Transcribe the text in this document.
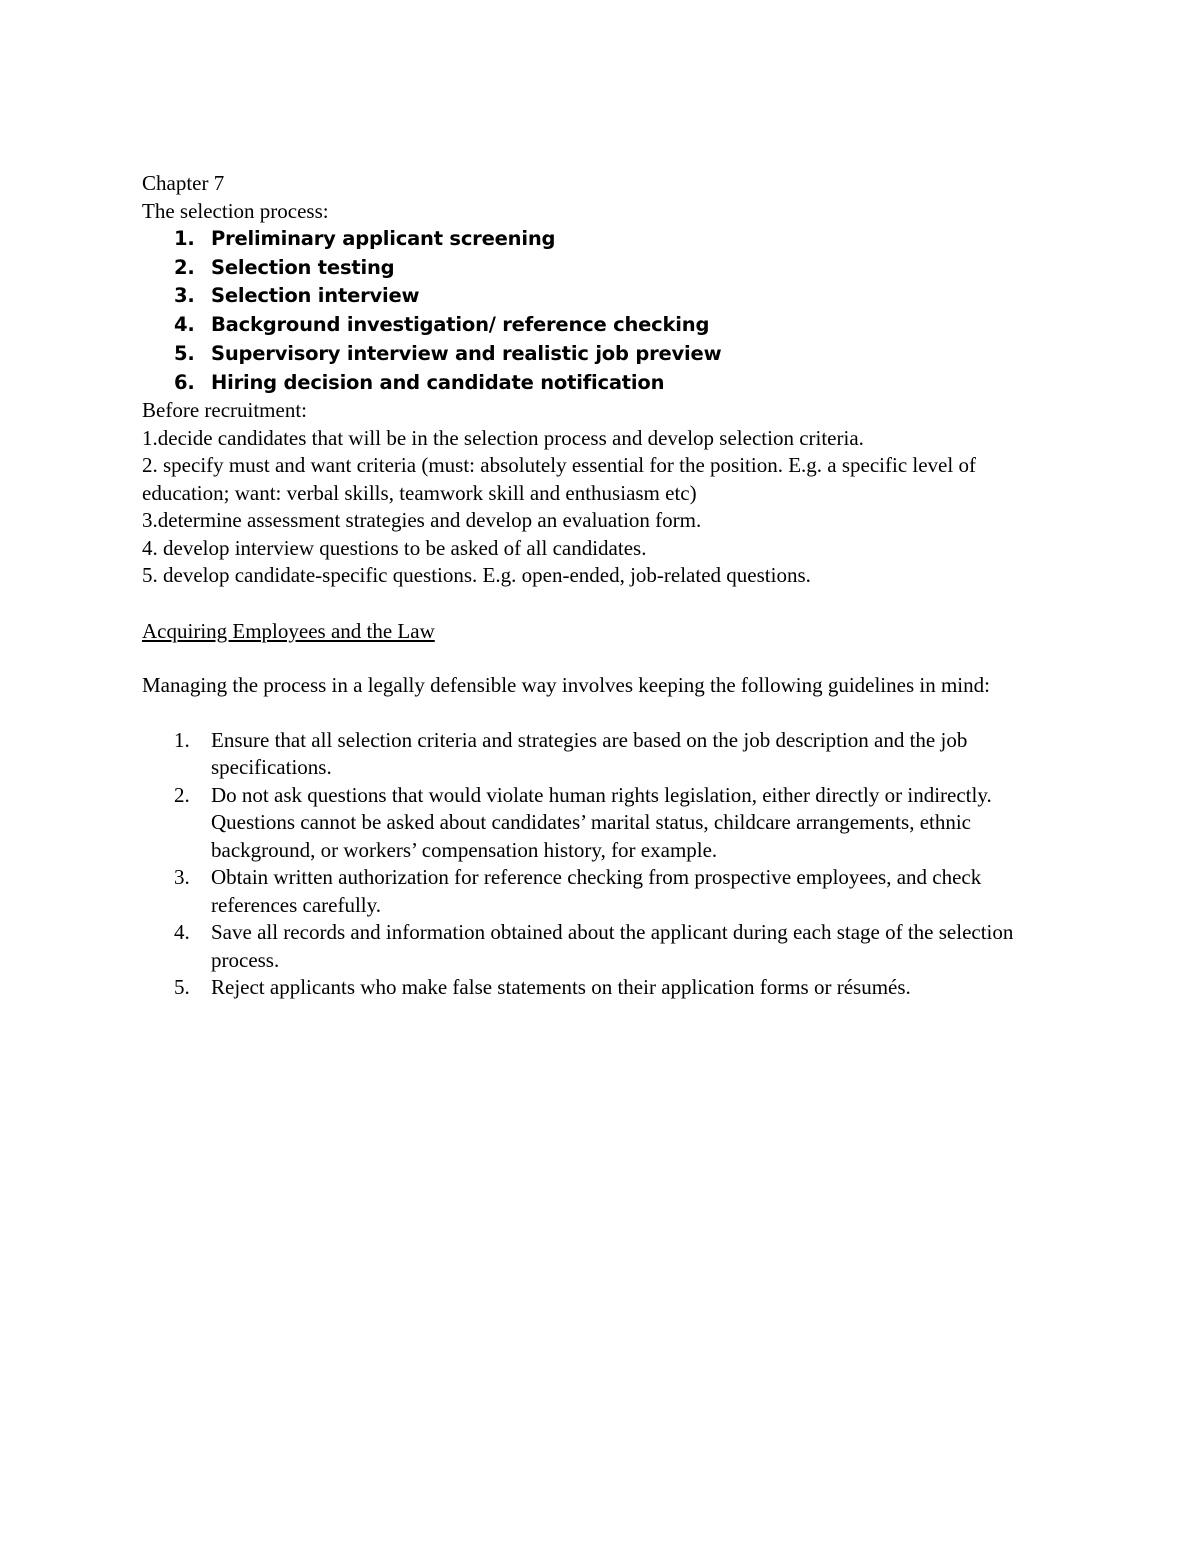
Chapter 7

The selection process:

1. Preliminary applicant screening
2. Selection testing
3. Selection interview
4. Background investigation/ reference checking
5. Supervisory interview and realistic job preview
6. Hiring decision and candidate notification

Before recruitment:

1.decide candidates that will be in the selection process and develop selection criteria.

2. specify must and want criteria (must: absolutely essential for the position. E.g. a specific level of education; want: verbal skills, teamwork skill and enthusiasm etc)

3.determine assessment strategies and develop an evaluation form.

4. develop interview questions to be asked of all candidates.

5. develop candidate-specific questions. E.g. open-ended, job-related questions.

Acquiring Employees and the Law

Managing the process in a legally defensible way involves keeping the following guidelines in mind:

1.	Ensure that all selection criteria and strategies are based on the job description and the job specifications.
2.	Do not ask questions that would violate human rights legislation, either directly or indirectly. Questions cannot be asked about candidates’ marital status, childcare arrangements, ethnic background, or workers’ compensation history, for example.
3.	Obtain written authorization for reference checking from prospective employees, and check references carefully.
4.	Save all records and information obtained about the applicant during each stage of the selection process.
5.	Reject applicants who make false statements on their application forms or résumés.
